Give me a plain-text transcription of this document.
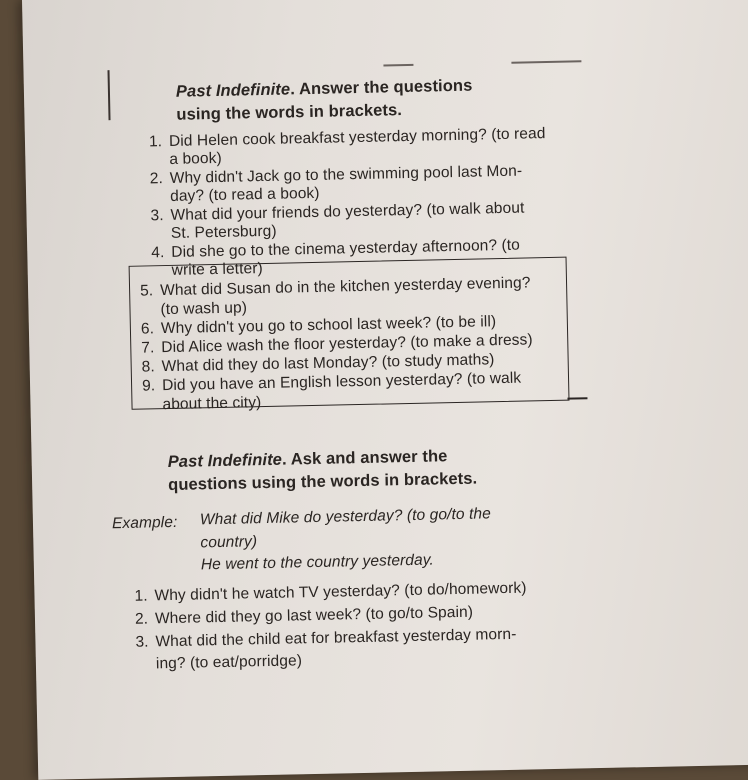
Past Indefinite. Answer the questions
using the words in brackets.
1. Did Helen cook breakfast yesterday morning? (to read
a book)
2. Why didn't Jack go to the swimming pool last Mon-
day? (to read a book)
3. What did your friends do yesterday? (to walk about
St. Petersburg)
4. Did she go to the cinema yesterday afternoon? (to
write a letter)
5. What did Susan do in the kitchen yesterday evening?
(to wash up)
6. Why didn't you go to school last week? (to be ill)
7. Did Alice wash the floor yesterday? (to make a dress)
8. What did they do last Monday? (to study maths)
9. Did you have an English lesson yesterday? (to walk
about the city)
Past Indefinite. Ask and answer the
questions using the words in brackets.
Example: What did Mike do yesterday? (to go/to the
country)
He went to the country yesterday.
1. Why didn't he watch TV yesterday? (to do/homework)
2. Where did they go last week? (to go/to Spain)
3. What did the child eat for breakfast yesterday morn-
ing? (to eat/porridge)
